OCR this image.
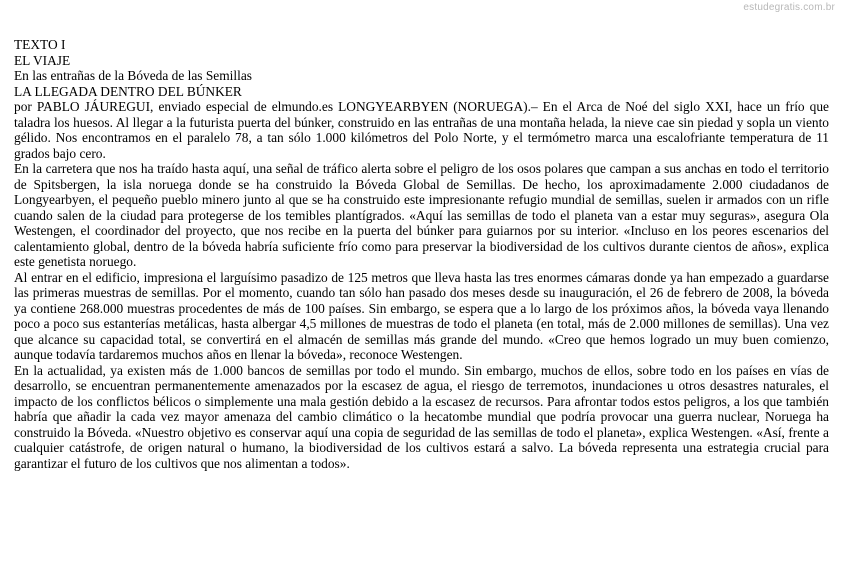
estudegratis.com.br

TEXTO I

EL VIAJE

En las entrañas de la Bóveda de las Semillas

LA LLEGADA DENTRO DEL BÚNKER

por PABLO JÁUREGUI, enviado especial de elmundo.es LONGYEARBYEN (NORUEGA).– En el Arca de Noé del siglo XXI, hace un frío que taladra los huesos. Al llegar a la futurista puerta del búnker, construido en las entrañas de una montaña helada, la nieve cae sin piedad y sopla un viento gélido. Nos encontramos en el paralelo 78, a tan sólo 1.000 kilómetros del Polo Norte, y el termómetro marca una escalofriante temperatura de 11 grados bajo cero.

En la carretera que nos ha traído hasta aquí, una señal de tráfico alerta sobre el peligro de los osos polares que campan a sus anchas en todo el territorio de Spitsbergen, la isla noruega donde se ha construido la Bóveda Global de Semillas. De hecho, los aproximadamente 2.000 ciudadanos de Longyearbyen, el pequeño pueblo minero junto al que se ha construido este impresionante refugio mundial de semillas, suelen ir armados con un rifle cuando salen de la ciudad para protegerse de los temibles plantígrados. «Aquí las semillas de todo el planeta van a estar muy seguras», asegura Ola Westengen, el coordinador del proyecto, que nos recibe en la puerta del búnker para guiarnos por su interior. «Incluso en los peores escenarios del calentamiento global, dentro de la bóveda habría suficiente frío como para preservar la biodiversidad de los cultivos durante cientos de años», explica este genetista noruego.

Al entrar en el edificio, impresiona el larguísimo pasadizo de 125 metros que lleva hasta las tres enormes cámaras donde ya han empezado a guardarse las primeras muestras de semillas. Por el momento, cuando tan sólo han pasado dos meses desde su inauguración, el 26 de febrero de 2008, la bóveda ya contiene 268.000 muestras procedentes de más de 100 países. Sin embargo, se espera que a lo largo de los próximos años, la bóveda vaya llenando poco a poco sus estanterías metálicas, hasta albergar 4,5 millones de muestras de todo el planeta (en total, más de 2.000 millones de semillas). Una vez que alcance su capacidad total, se convertirá en el almacén de semillas más grande del mundo. «Creo que hemos logrado un muy buen comienzo, aunque todavía tardaremos muchos años en llenar la bóveda», reconoce Westengen.

En la actualidad, ya existen más de 1.000 bancos de semillas por todo el mundo. Sin embargo, muchos de ellos, sobre todo en los países en vías de desarrollo, se encuentran permanentemente amenazados por la escasez de agua, el riesgo de terremotos, inundaciones u otros desastres naturales, el impacto de los conflictos bélicos o simplemente una mala gestión debido a la escasez de recursos. Para afrontar todos estos peligros, a los que también habría que añadir la cada vez mayor amenaza del cambio climático o la hecatombe mundial que podría provocar una guerra nuclear, Noruega ha construido la Bóveda. «Nuestro objetivo es conservar aquí una copia de seguridad de las semillas de todo el planeta», explica Westengen. «Así, frente a cualquier catástrofe, de origen natural o humano, la biodiversidad de los cultivos estará a salvo. La bóveda representa una estrategia crucial para garantizar el futuro de los cultivos que nos alimentan a todos».
